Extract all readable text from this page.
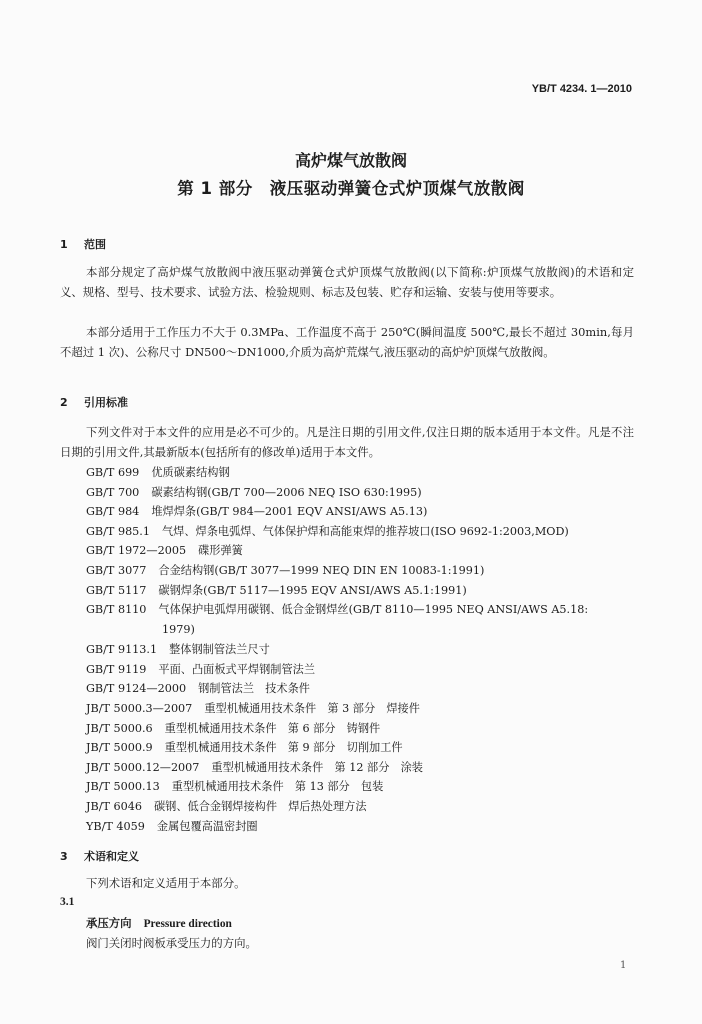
YB/T 4234. 1—2010
高炉煤气放散阀
第 1 部分　液压驱动弹簧仓式炉顶煤气放散阀
1 范围

本部分规定了高炉煤气放散阀中液压驱动弹簧仓式炉顶煤气放散阀(以下简称:炉顶煤气放散阀)的术语和定义、规格、型号、技术要求、试验方法、检验规则、标志及包装、贮存和运输、安装与使用等要求。

本部分适用于工作压力不大于 0.3MPa、工作温度不高于 250℃(瞬间温度 500℃,最长不超过 30min,每月不超过 1 次)、公称尺寸 DN500～DN1000,介质为高炉荒煤气,液压驱动的高炉炉顶煤气放散阀。

2 引用标准

下列文件对于本文件的应用是必不可少的。凡是注日期的引用文件,仅注日期的版本适用于本文件。凡是不注日期的引用文件,其最新版本(包括所有的修改单)适用于本文件。

GB/T 699 优质碳素结构钢
GB/T 700 碳素结构钢(GB/T 700—2006 NEQ ISO 630:1995)
GB/T 984 堆焊焊条(GB/T 984—2001 EQV ANSI/AWS A5.13)
GB/T 985.1 气焊、焊条电弧焊、气体保护焊和高能束焊的推荐坡口(ISO 9692-1:2003,MOD)
GB/T 1972—2005 碟形弹簧
GB/T 3077 合金结构钢(GB/T 3077—1999 NEQ DIN EN 10083-1:1991)
GB/T 5117 碳钢焊条(GB/T 5117—1995 EQV ANSI/AWS A5.1:1991)
GB/T 8110 气体保护电弧焊用碳钢、低合金钢焊丝(GB/T 8110—1995 NEQ ANSI/AWS A5.18:
1979)
GB/T 9113.1 整体钢制管法兰尺寸
GB/T 9119 平面、凸面板式平焊钢制管法兰
GB/T 9124—2000 钢制管法兰　技术条件
JB/T 5000.3—2007 重型机械通用技术条件　第 3 部分　焊接件
JB/T 5000.6 重型机械通用技术条件　第 6 部分　铸钢件
JB/T 5000.9 重型机械通用技术条件　第 9 部分　切削加工件
JB/T 5000.12—2007 重型机械通用技术条件　第 12 部分　涂装
JB/T 5000.13 重型机械通用技术条件　第 13 部分　包装
JB/T 6046 碳钢、低合金钢焊接构件　焊后热处理方法
YB/T 4059 金属包覆高温密封圈
3 术语和定义

下列术语和定义适用于本部分。

3.1
承压方向 Pressure direction
阀门关闭时阀板承受压力的方向。
1
